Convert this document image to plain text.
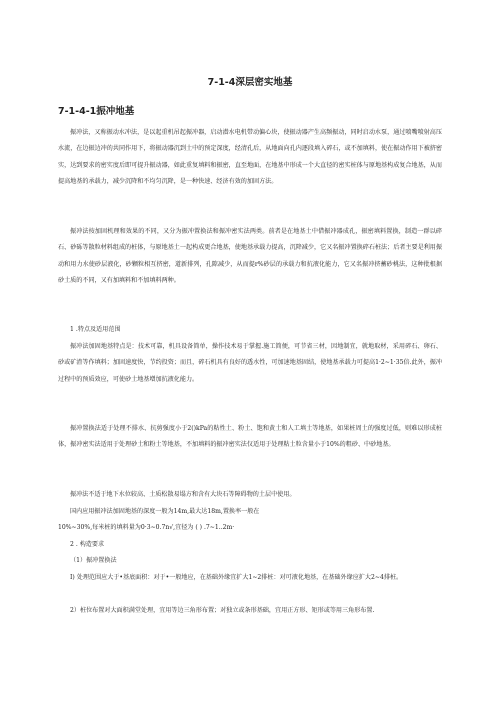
7-1-4深层密实地基
7-1-4-1振冲地基

振冲法，又称振动水冲法，是以起重机吊起振冲器，启动潜水电机带动偏心块，使振动器产生高频振动，同时启动水泵，通过喷嘴喷射高压水流，在边振边冲的共同作用下，将振动器沉到土中的预定深度，经清孔后，从地面向孔内逐段填入碎石，或不加填料，使在振动作用下被挤密实，达到要求的密实度后即可提升振动器，如此重复填料和振密，直至地面，在地基中形成一个大直径的密实桩体与原地基构成复合地基，从而提高地基的承载力，减少沉降和不均匀沉降，是一种快速、经济有效的加固方法。

振冲法按加固机理和效果的不同，又分为振冲置换法和振冲密实法两类。前者是在地基土中借振冲器成孔，振密填料置换，制造一群以碎石、砂砾等散粒材料组成的桩体，与原地基土一起构成更合地基，使地基承载力提高，沉降减少，它又名振冲置换碎石桩法；后者主要是利用振动和用力水使砂层液化，砂颗粒相互挤密，道新排列，孔隙减少，从而提r%砂层的承载力和抗液化能力，它又名振冲挤蓄砂桃法，这种批根据砂土质的不同，又有加填料和不加填料两种。

1 .特点及适用范围

振冲法加固地基特点是：技术可靠，机具设备简单，操作技术易于掌握.施工简便，可节省三材，因地制宜，就地取材，采用碎石、卵石、砂或矿渣等作填料；加固速度快，节约投资；而且，碎石机具有良好的透水性，可加速地基固结，使地基承载力可提高1·2~1·35倍.此外，振冲过程中的预质效应，可使砂土地基增加抗液化能力。

振冲置换法适于处理不排水、抗剪强度小于2()kPa的粘性土、粉土、饱和黄土和人工填土等地基，如果桩周土的强度过低，则难以形成桩体，振冲密实法适用于处理砂土和粉土等地基，不加填料的振冲密实法仅适用于处理粘土粒含量小于10%的粗砂、中砂地基。

振冲法不适于地下水位较高、土质松散易塌方和含有大块石等障碍物的土层中使用。

国内应用振冲法加固地基的深度一般为14m,最大达18m,置换率一般在

10%~30%,每米桩的填料量为0·3~0.7n√,宜径为 ( ) .7~1..2m·

2 . 构造要求

（1）振冲置换法

I) 处理范围应大于•基底面积：对于•一般地应，在基础外缘宜扩大1~2排桩：对可液化地基，在基础外缘应扩大2~4排桩。

2）桩位布置对大面积满堂处理，宜用等边三角形布置；对独立或条形基础，宜用正方形、矩形或等用三角形布置.
